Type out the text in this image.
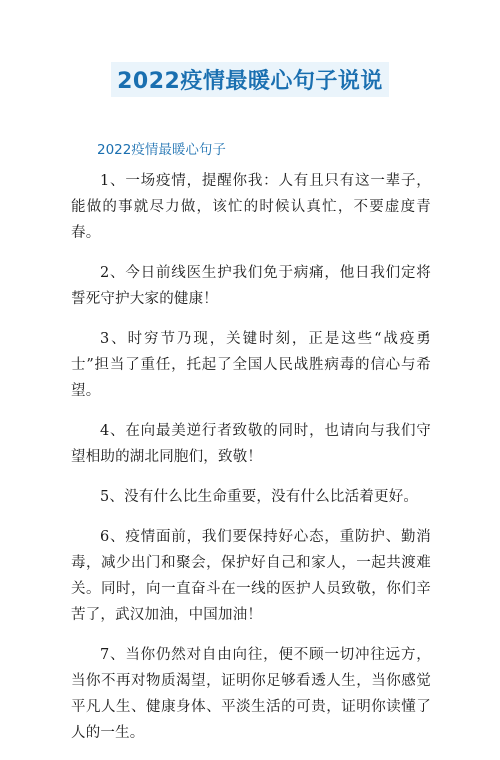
2022疫情最暖心句子说说
2022疫情最暖心句子

1、一场疫情，提醒你我：人有且只有这一辈子，能做的事就尽力做，该忙的时候认真忙，不要虚度青春。

2、今日前线医生护我们免于病痛，他日我们定将誓死守护大家的健康！

3、时穷节乃现，关键时刻，正是这些“战疫勇士”担当了重任，托起了全国人民战胜病毒的信心与希望。

4、在向最美逆行者致敬的同时，也请向与我们守望相助的湖北同胞们，致敬！

5、没有什么比生命重要，没有什么比活着更好。

6、疫情面前，我们要保持好心态，重防护、勤消毒，减少出门和聚会，保护好自己和家人，一起共渡难关。同时，向一直奋斗在一线的医护人员致敬，你们辛苦了，武汉加油，中国加油！

7、当你仍然对自由向往，便不顾一切冲往远方，当你不再对物质渴望，证明你足够看透人生，当你感觉平凡人生、健康身体、平淡生活的可贵，证明你读懂了人的一生。
